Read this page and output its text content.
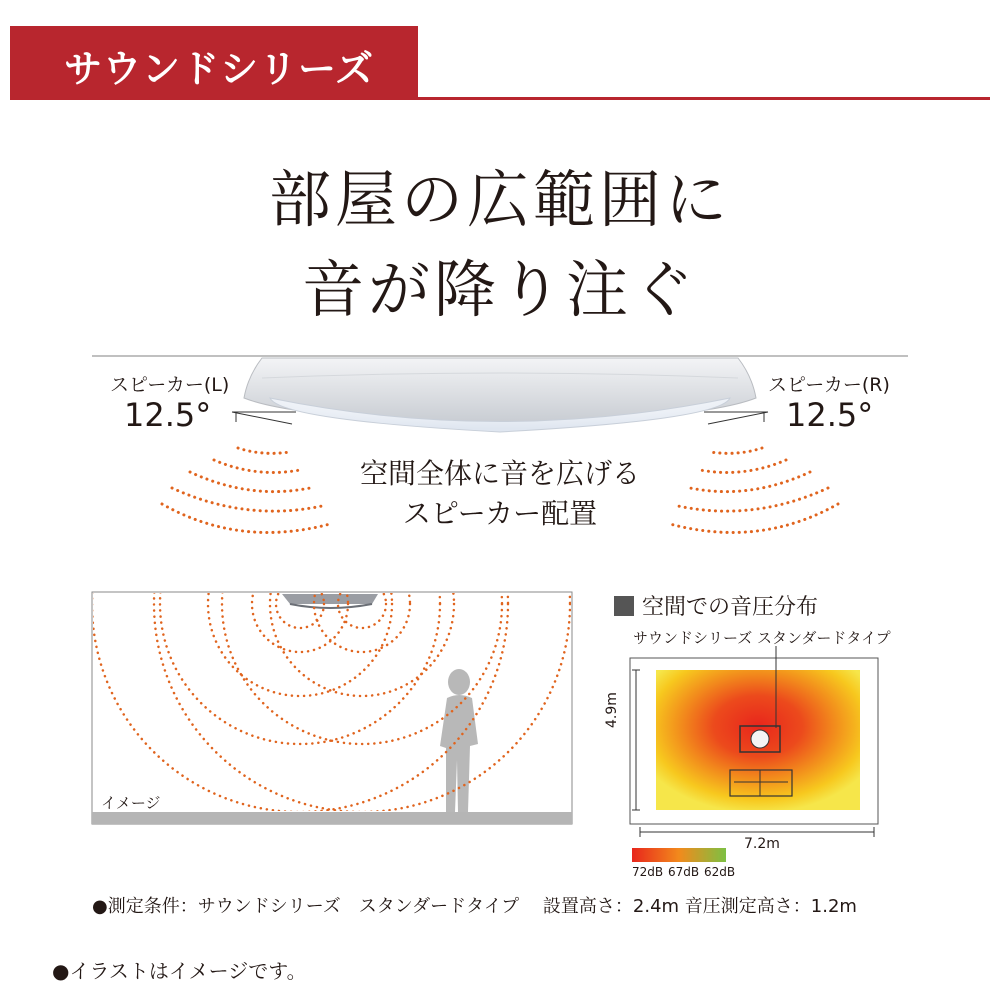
サウンドシリーズ
部屋の広範囲に
音が降り注ぐ
スピーカー(L)
12.5°
スピーカー(R)
12.5°
空間全体に音を広げる
スピーカー配置
イメージ
空間での音圧分布
サウンドシリーズ スタンダードタイプ
4.9m
7.2m
72dB 67dB 62dB
●測定条件：サウンドシリーズ　スタンダードタイプ　 設置高さ：2.4m 音圧測定高さ：1.2m
●イラストはイメージです。
